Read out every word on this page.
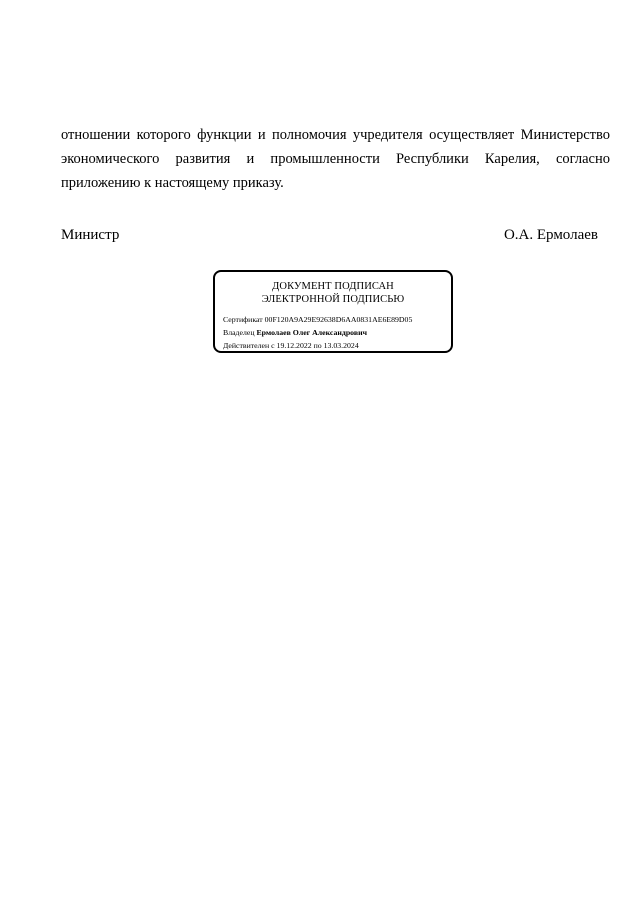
отношении которого функции и полномочия учредителя осуществляет Министерство экономического развития и промышленности Республики Карелия, согласно приложению к настоящему приказу.

Министр	О.А. Ермолаев
ДОКУМЕНТ ПОДПИСАН
ЭЛЕКТРОННОЙ ПОДПИСЬЮ
Сертификат 00F120A9A29E92638D6AA0831AE6E89D05
Владелец Ермолаев Олег Александрович
Действителен с 19.12.2022 по 13.03.2024
